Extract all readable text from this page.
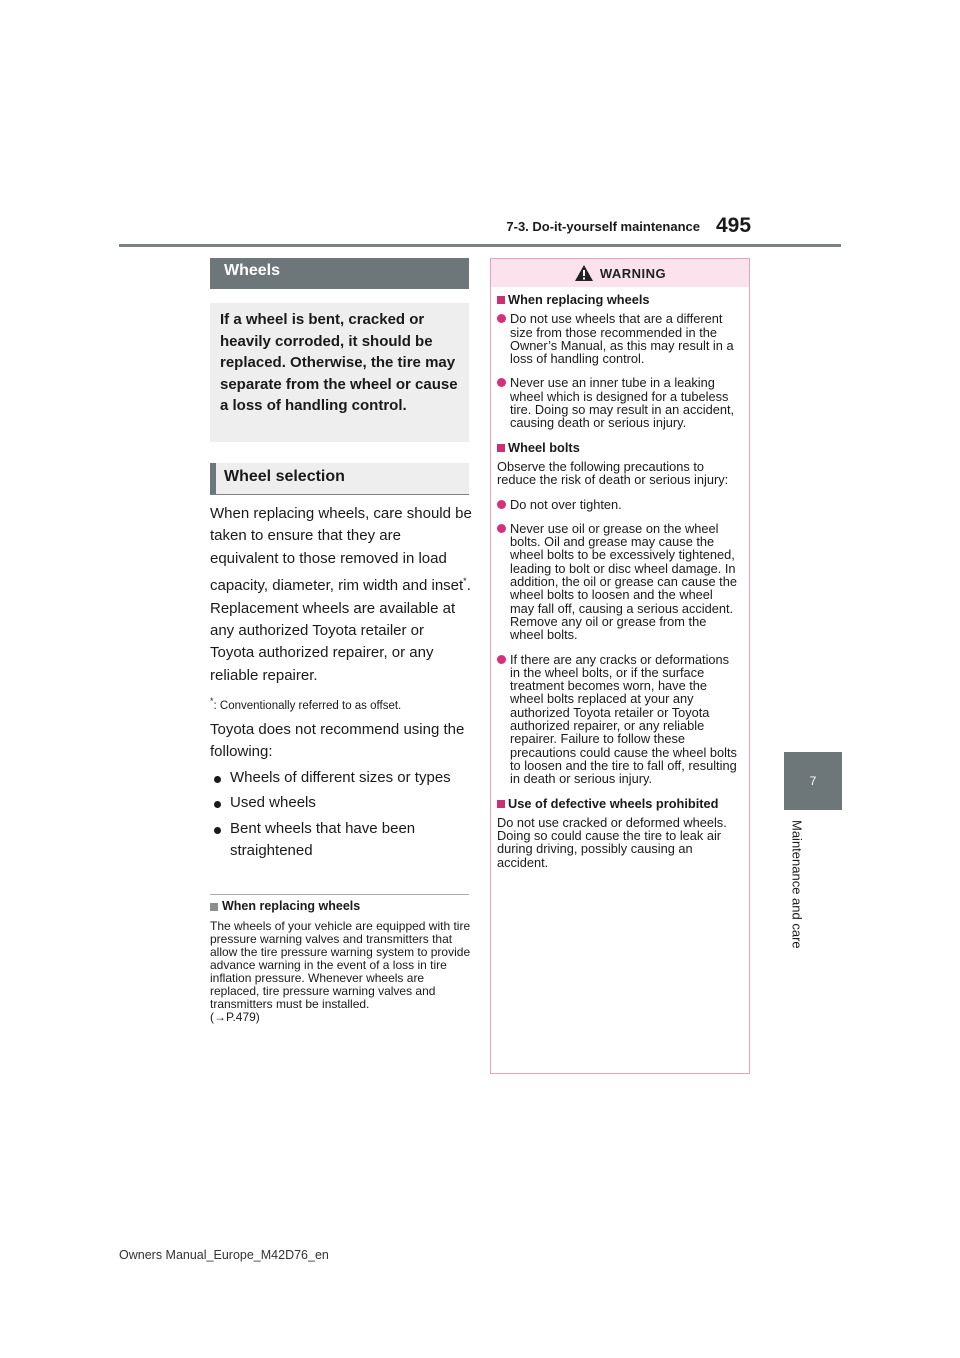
7-3. Do-it-yourself maintenance 495
7
Maintenance and care
Wheels
If a wheel is bent, cracked or heavily corroded, it should be replaced. Otherwise, the tire may separate from the wheel or cause a loss of handling control.
Wheel selection

When replacing wheels, care should be taken to ensure that they are equivalent to those removed in load capacity, diameter, rim width and inset*.

Replacement wheels are available at any authorized Toyota retailer or Toyota authorized repairer, or any reliable repairer.

*: Conventionally referred to as offset.

Toyota does not recommend using the following:

Wheels of different sizes or types

Used wheels

Bent wheels that have been straightened

When replacing wheels
The wheels of your vehicle are equipped with tire pressure warning valves and transmitters that allow the tire pressure warning system to provide advance warning in the event of a loss in tire inflation pressure. Whenever wheels are replaced, tire pressure warning valves and transmitters must be installed.
(→P.479)
WARNING
When replacing wheels
Do not use wheels that are a different size from those recommended in the Owner’s Manual, as this may result in a loss of handling control.
Never use an inner tube in a leaking wheel which is designed for a tubeless tire. Doing so may result in an accident, causing death or serious injury.
Wheel bolts
Observe the following precautions to reduce the risk of death or serious injury:
Do not over tighten.
Never use oil or grease on the wheel bolts. Oil and grease may cause the wheel bolts to be excessively tightened, leading to bolt or disc wheel damage. In addition, the oil or grease can cause the wheel bolts to loosen and the wheel may fall off, causing a serious accident. Remove any oil or grease from the wheel bolts.
If there are any cracks or deformations in the wheel bolts, or if the surface treatment becomes worn, have the wheel bolts replaced at your any authorized Toyota retailer or Toyota authorized repairer, or any reliable repairer. Failure to follow these precautions could cause the wheel bolts to loosen and the tire to fall off, resulting in death or serious injury.
Use of defective wheels prohibited
Do not use cracked or deformed wheels.
Doing so could cause the tire to leak air during driving, possibly causing an accident.
Owners Manual_Europe_M42D76_en
